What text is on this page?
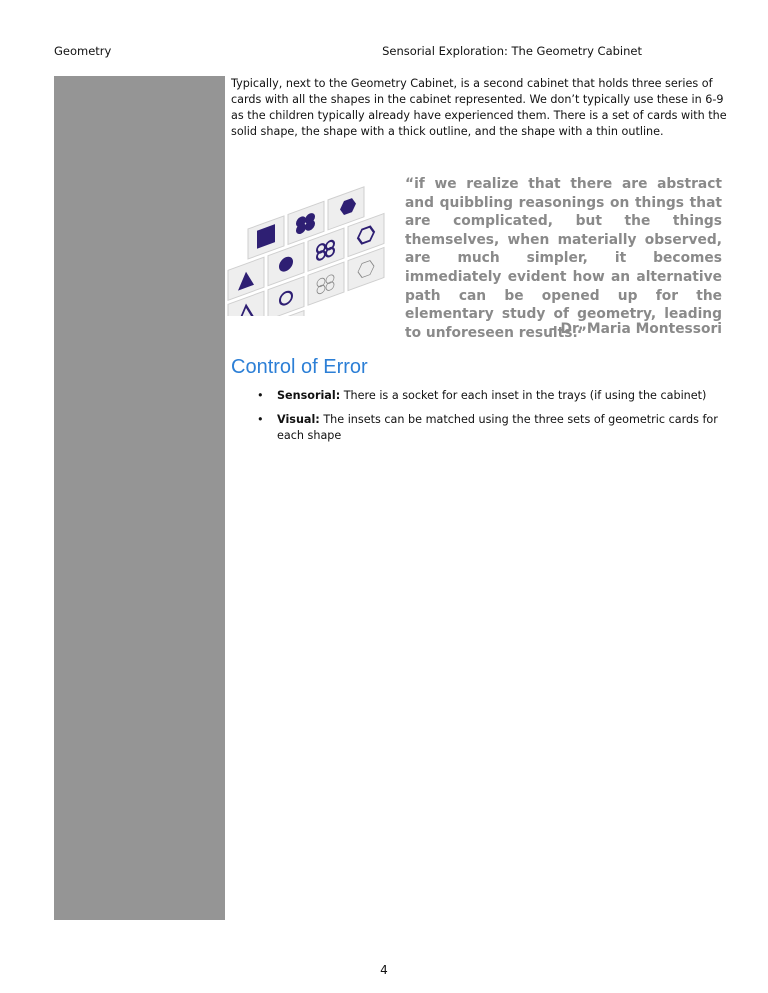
Geometry	Sensorial Exploration: The Geometry Cabinet

Typically, next to the Geometry Cabinet, is a second cabinet that holds three series of cards with all the shapes in the cabinet represented. We don’t typically use these in 6-9 as the children typically already have experienced them. There is a set of cards with the solid shape, the shape with a thick outline, and the shape with a thin outline.

“if we realize that there are abstract and quibbling reasonings on things that are complicated, but the things themselves, when materially observed, are much simpler, it becomes immediately evident how an alternative path can be opened up for the elementary study of geometry, leading to unforeseen results.”

– Dr. Maria Montessori
Control of Error
• Sensorial: There is a socket for each inset in the trays (if using the cabinet)
• Visual: The insets can be matched using the three sets of geometric cards for each shape
4
